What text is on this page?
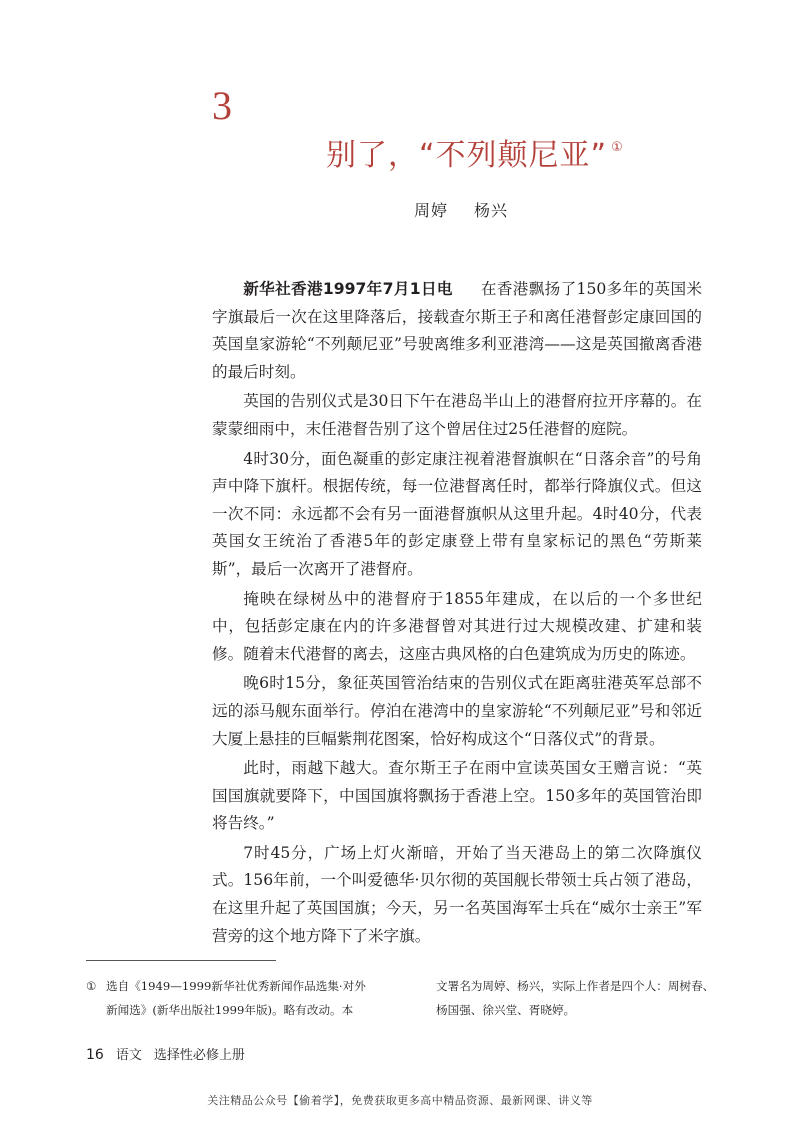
3
别了，“不列颠尼亚” ①
周婷 杨兴

新华社香港1997年7月1日电 在香港飘扬了150多年的英国米字旗最后一次在这里降落后，接载查尔斯王子和离任港督彭定康回国的英国皇家游轮“不列颠尼亚”号驶离维多利亚港湾——这是英国撤离香港的最后时刻。

英国的告别仪式是30日下午在港岛半山上的港督府拉开序幕的。在蒙蒙细雨中，末任港督告别了这个曾居住过25任港督的庭院。

4时30分，面色凝重的彭定康注视着港督旗帜在“日落余音”的号角声中降下旗杆。根据传统，每一位港督离任时，都举行降旗仪式。但这一次不同：永远都不会有另一面港督旗帜从这里升起。4时40分，代表英国女王统治了香港5年的彭定康登上带有皇家标记的黑色“劳斯莱斯”，最后一次离开了港督府。

掩映在绿树丛中的港督府于1855年建成，在以后的一个多世纪中，包括彭定康在内的许多港督曾对其进行过大规模改建、扩建和装修。随着末代港督的离去，这座古典风格的白色建筑成为历史的陈迹。

晚6时15分，象征英国管治结束的告别仪式在距离驻港英军总部不远的添马舰东面举行。停泊在港湾中的皇家游轮“不列颠尼亚”号和邻近大厦上悬挂的巨幅紫荆花图案，恰好构成这个“日落仪式”的背景。

此时，雨越下越大。查尔斯王子在雨中宣读英国女王赠言说：“英国国旗就要降下，中国国旗将飘扬于香港上空。150多年的英国管治即将告终。”

7时45分，广场上灯火渐暗，开始了当天港岛上的第二次降旗仪式。156年前，一个叫爱德华·贝尔彻的英国舰长带领士兵占领了港岛，在这里升起了英国国旗；今天，另一名英国海军士兵在“威尔士亲王”军营旁的这个地方降下了米字旗。

① 选自《1949—1999新华社优秀新闻作品选集·对外
新闻选》(新华出版社1999年版)。略有改动。本
文署名为周婷、杨兴，实际上作者是四个人：周树春、杨国强、徐兴堂、胥晓婷。
16 语文 选择性必修上册
关注精品公众号【偷着学】，免费获取更多高中精品资源、最新网课、讲义等
